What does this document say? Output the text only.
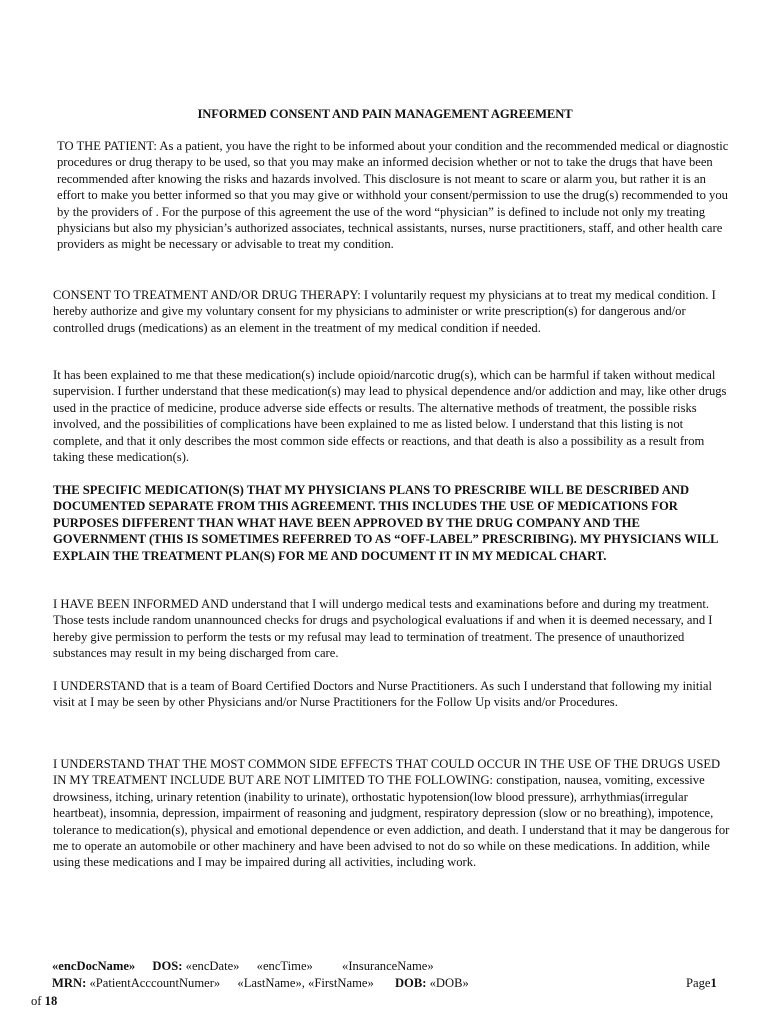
INFORMED CONSENT AND PAIN MANAGEMENT AGREEMENT

TO THE PATIENT: As a patient, you have the right to be informed about your condition and the recommended medical or diagnostic procedures or drug therapy to be used, so that you may make an informed decision whether or not to take the drugs that have been recommended after knowing the risks and hazards involved. This disclosure is not meant to scare or alarm you, but rather it is an effort to make you better informed so that you may give or withhold your consent/permission to use the drug(s) recommended to you by the providers of . For the purpose of this agreement the use of the word “physician” is defined to include not only my treating physicians but also my physician’s authorized associates, technical assistants, nurses, nurse practitioners, staff, and other health care providers as might be necessary or advisable to treat my condition.

CONSENT TO TREATMENT AND/OR DRUG THERAPY: I voluntarily request my physicians at to treat my medical condition. I hereby authorize and give my voluntary consent for my physicians to administer or write prescription(s) for dangerous and/or controlled drugs (medications) as an element in the treatment of my medical condition if needed.

It has been explained to me that these medication(s) include opioid/narcotic drug(s), which can be harmful if taken without medical supervision. I further understand that these medication(s) may lead to physical dependence and/or addiction and may, like other drugs used in the practice of medicine, produce adverse side effects or results. The alternative methods of treatment, the possible risks involved, and the possibilities of complications have been explained to me as listed below. I understand that this listing is not complete, and that it only describes the most common side effects or reactions, and that death is also a possibility as a result from taking these medication(s).

THE SPECIFIC MEDICATION(S) THAT MY PHYSICIANS PLANS TO PRESCRIBE WILL BE DESCRIBED AND DOCUMENTED SEPARATE FROM THIS AGREEMENT. THIS INCLUDES THE USE OF MEDICATIONS FOR PURPOSES DIFFERENT THAN WHAT HAVE BEEN APPROVED BY THE DRUG COMPANY AND THE GOVERNMENT (THIS IS SOMETIMES REFERRED TO AS “OFF-LABEL” PRESCRIBING). MY PHYSICIANS WILL EXPLAIN THE TREATMENT PLAN(S) FOR ME AND DOCUMENT IT IN MY MEDICAL CHART.

I HAVE BEEN INFORMED AND understand that I will undergo medical tests and examinations before and during my treatment. Those tests include random unannounced checks for drugs and psychological evaluations if and when it is deemed necessary, and I hereby give permission to perform the tests or my refusal may lead to termination of treatment. The presence of unauthorized substances may result in my being discharged from care.

I UNDERSTAND that is a team of Board Certified Doctors and Nurse Practitioners. As such I understand that following my initial visit at I may be seen by other Physicians and/or Nurse Practitioners for the Follow Up visits and/or Procedures.

I UNDERSTAND THAT THE MOST COMMON SIDE EFFECTS THAT COULD OCCUR IN THE USE OF THE DRUGS USED IN MY TREATMENT INCLUDE BUT ARE NOT LIMITED TO THE FOLLOWING: constipation, nausea, vomiting, excessive drowsiness, itching, urinary retention (inability to urinate), orthostatic hypotension(low blood pressure), arrhythmias(irregular heartbeat), insomnia, depression, impairment of reasoning and judgment, respiratory depression (slow or no breathing), impotence, tolerance to medication(s), physical and emotional dependence or even addiction, and death. I understand that it may be dangerous for me to operate an automobile or other machinery and have been advised to not do so while on these medications. In addition, while using these medications and I may be impaired during all activities, including work.

«encDocName» DOS: «encDate» «encTime» «InsuranceName»
MRN: «PatientAcccountNumer» «LastName», «FirstName» DOB: «DOB»	Page1
of 18
